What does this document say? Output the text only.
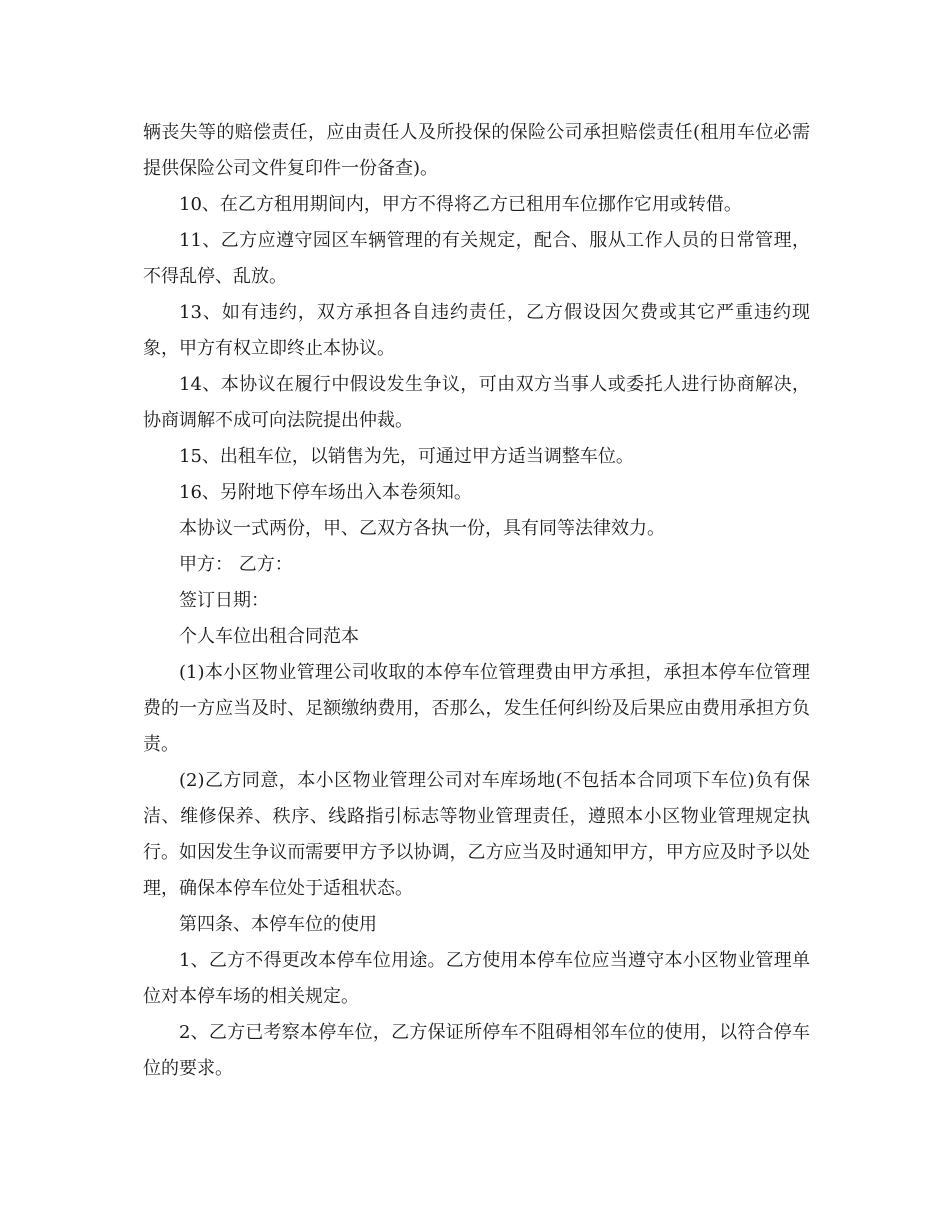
辆丧失等的赔偿责任，应由责任人及所投保的保险公司承担赔偿责任(租用车位必需提供保险公司文件复印件一份备查)。

10、在乙方租用期间内，甲方不得将乙方已租用车位挪作它用或转借。

11、乙方应遵守园区车辆管理的有关规定，配合、服从工作人员的日常管理，不得乱停、乱放。

13、如有违约，双方承担各自违约责任，乙方假设因欠费或其它严重违约现象，甲方有权立即终止本协议。

14、本协议在履行中假设发生争议，可由双方当事人或委托人进行协商解决，协商调解不成可向法院提出仲裁。

15、出租车位，以销售为先，可通过甲方适当调整车位。

16、另附地下停车场出入本卷须知。

本协议一式两份，甲、乙双方各执一份，具有同等法律效力。

甲方： 乙方：

签订日期：

个人车位出租合同范本

(1)本小区物业管理公司收取的本停车位管理费由甲方承担，承担本停车位管理费的一方应当及时、足额缴纳费用，否那么，发生任何纠纷及后果应由费用承担方负责。

(2)乙方同意，本小区物业管理公司对车库场地(不包括本合同项下车位)负有保洁、维修保养、秩序、线路指引标志等物业管理责任，遵照本小区物业管理规定执行。如因发生争议而需要甲方予以协调，乙方应当及时通知甲方，甲方应及时予以处理，确保本停车位处于适租状态。

第四条、本停车位的使用

1、乙方不得更改本停车位用途。乙方使用本停车位应当遵守本小区物业管理单位对本停车场的相关规定。

2、乙方已考察本停车位，乙方保证所停车不阻碍相邻车位的使用，以符合停车位的要求。
